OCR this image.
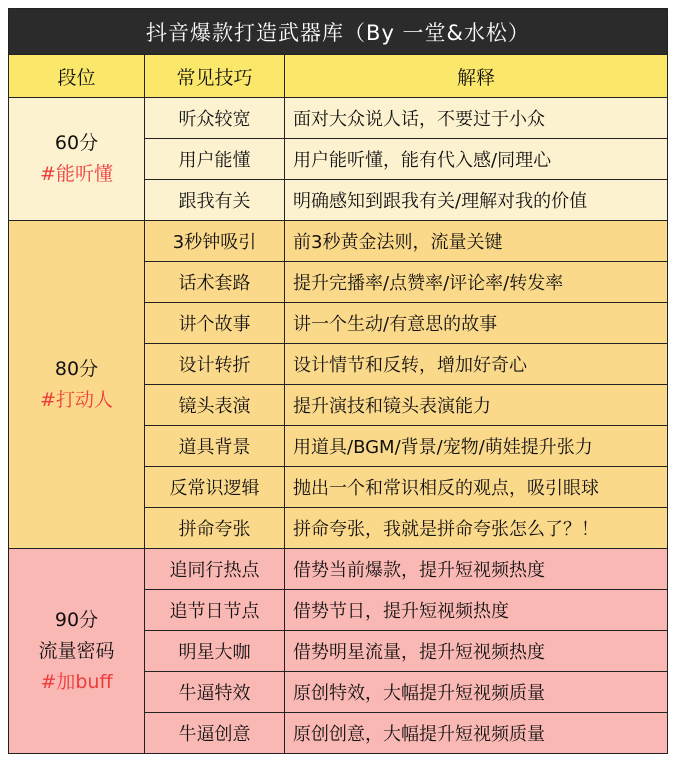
抖音爆款打造武器库（By 一堂&水松）		
段位	常见技巧	解释

60分
#能听懂	听众较宽	面对大众说人话，不要过于小众
	用户能懂	用户能听懂，能有代入感/同理心
	跟我有关	明确感知到跟我有关/理解对我的价值

80分
#打动人	3秒钟吸引	前3秒黄金法则，流量关键
	话术套路	提升完播率/点赞率/评论率/转发率
	讲个故事	讲一个生动/有意思的故事
	设计转折	设计情节和反转，增加好奇心
	镜头表演	提升演技和镜头表演能力
	道具背景	用道具/BGM/背景/宠物/萌娃提升张力
	反常识逻辑	抛出一个和常识相反的观点，吸引眼球
	拼命夸张	拼命夸张，我就是拼命夸张怎么了？！

90分
流量密码
#加buff	追同行热点	借势当前爆款，提升短视频热度
	追节日节点	借势节日，提升短视频热度
	明星大咖	借势明星流量，提升短视频热度
	牛逼特效	原创特效，大幅提升短视频质量
	牛逼创意	原创创意，大幅提升短视频质量
